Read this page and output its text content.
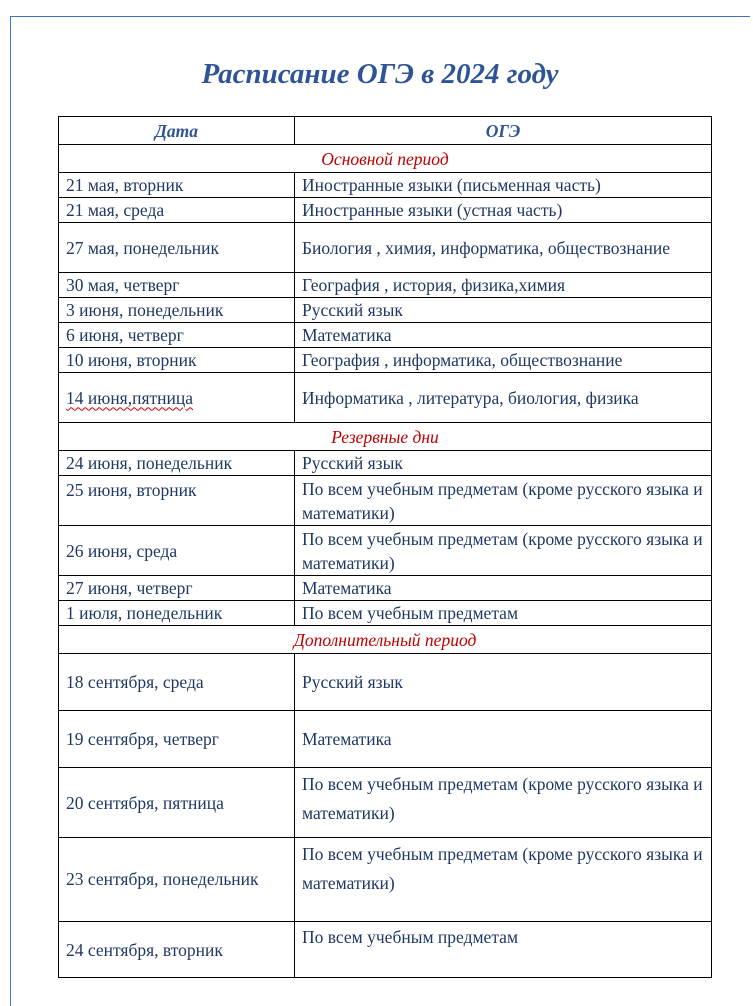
Расписание ОГЭ в 2024 году
Дата	ОГЭ
Основной период	
21 мая, вторник	Иностранные языки (письменная часть)
21 мая, среда	Иностранные языки (устная часть)
27 мая, понедельник	Биология , химия, информатика, обществознание
30 мая, четверг	География , история, физика,химия
3 июня, понедельник	Русский язык
6 июня, четверг	Математика
10 июня, вторник	География , информатика, обществознание
14 июня,пятница	Информатика , литература, биология, физика
Резервные дни	
24 июня, понедельник	Русский язык
25 июня, вторник	По всем учебным предметам (кроме русского языка и математики)
26 июня, среда	По всем учебным предметам (кроме русского языка и математики)
27 июня, четверг	Математика
1 июля, понедельник	По всем учебным предметам
Дополнительный период	
18 сентября, среда	Русский язык
19 сентября, четверг	Математика
20 сентября, пятница	По всем учебным предметам (кроме русского языка и математики)
23 сентября, понедельник	По всем учебным предметам (кроме русского языка и математики)
24 сентября, вторник	По всем учебным предметам
